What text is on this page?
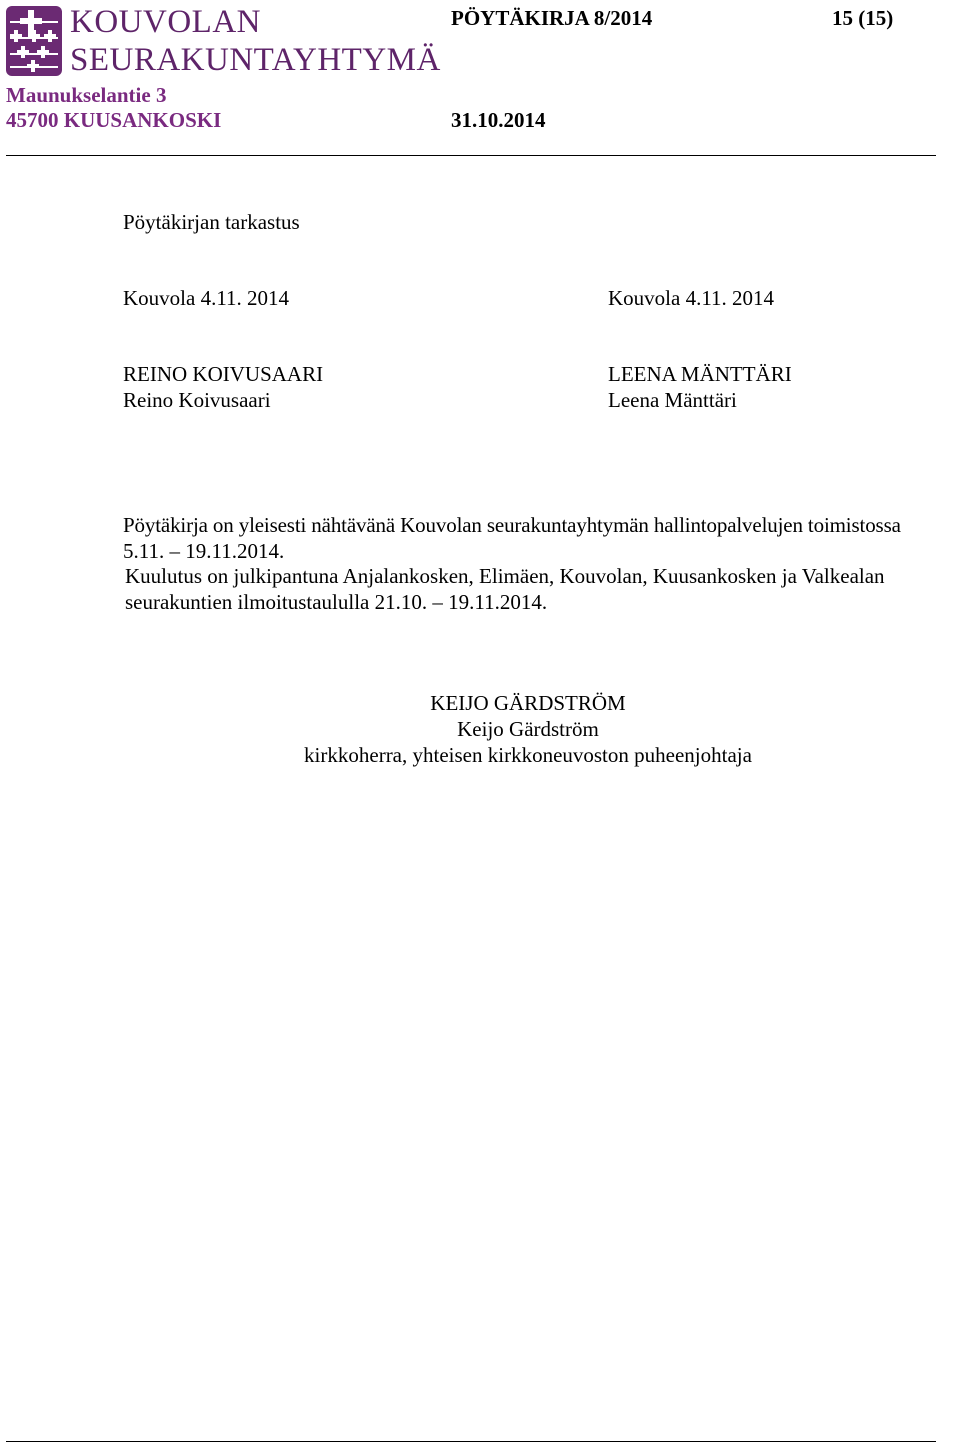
KOUVOLAN
SEURAKUNTAYHTYMÄ
PÖYTÄKIRJA 8/2014	15 (15)
Maunukselantie 3
45700 KUUSANKOSKI	31.10.2014
Pöytäkirjan tarkastus
Kouvola 4.11. 2014	Kouvola 4.11. 2014
REINO KOIVUSAARI
Reino Koivusaari
LEENA MÄNTTÄRI
Leena Mänttäri
Pöytäkirja on yleisesti nähtävänä Kouvolan seurakuntayhtymän hallintopalvelujen toimistossa
5.11. – 19.11.2014.
Kuulutus on julkipantuna Anjalankosken, Elimäen, Kouvolan, Kuusankosken ja Valkealan
seurakuntien ilmoitustaululla 21.10. – 19.11.2014.
KEIJO GÄRDSTRÖM
Keijo Gärdström
kirkkoherra, yhteisen kirkkoneuvoston puheenjohtaja
